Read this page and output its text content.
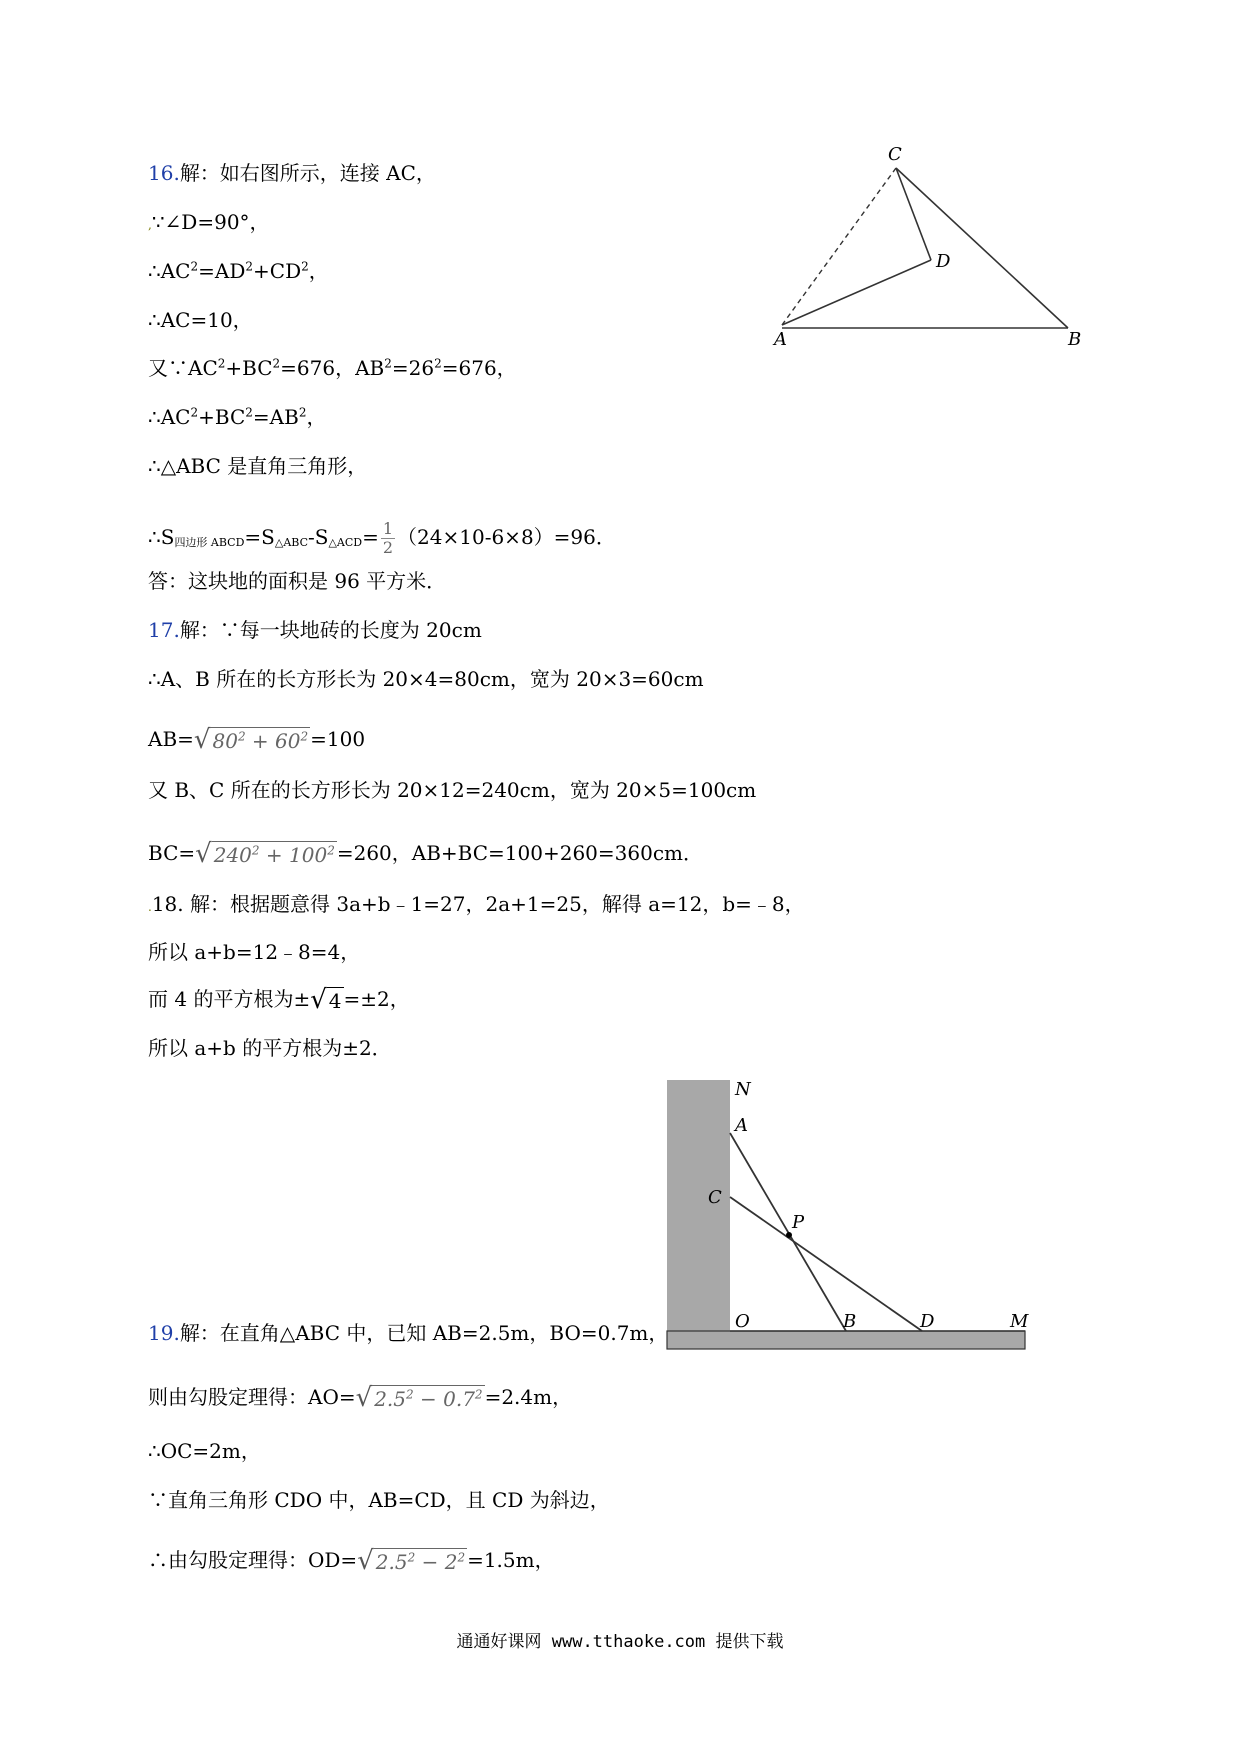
16.解：如右图所示，连接 AC，
,∵∠D=90°，
$\therefore AC^2=AD^2+CD^2$，
∴AC=10，
又$\because AC^2+BC^2=676$，$AB^2=26^2=676$，
$\therefore AC^2+BC^2=AB^2$，
∴△ABC 是直角三角形，
∴S四边形 ABCD=S△ABC-S△ACD= $\frac{1}{2} (24\times 10-6\times 8)=96$．
答：这块地的面积是 96 平方米．
C
D
A	B
17.解：∵每一块地砖的长度为 20cm
∴A、B 所在的长方形长为 20×4=80cm，宽为 20×3=60cm
AB=√ $80^2 + 60^2 =100$
又 B、C 所在的长方形长为 20×12=240cm，宽为 20×5=100cm
BC=√ $240^2 + 100^2 =260$，AB+BC=100+260=360cm．
.18. 解：根据题意得 3a+b﹣1=27，2a+1=25，解得 a=12，b=﹣8，
所以 a+b=12﹣8=4，
而 4 的平方根为±√ 4 =±2，
所以 a+b 的平方根为±2．
N
A
C
P
O	B	D	M
19.解：在直角△ABC 中，已知 AB=2.5m，BO=0.7m，
则由勾股定理得：AO=√ $2.5^2 - 0.7^2 =2.4m$，
∴OC=2m，
∵直角三角形 CDO 中，AB=CD，且 CD 为斜边，
∴由勾股定理得：OD=√ $2.5^2 - 2^2 =1.5m$，
通通好课网 www.tthaoke.com 提供下载
